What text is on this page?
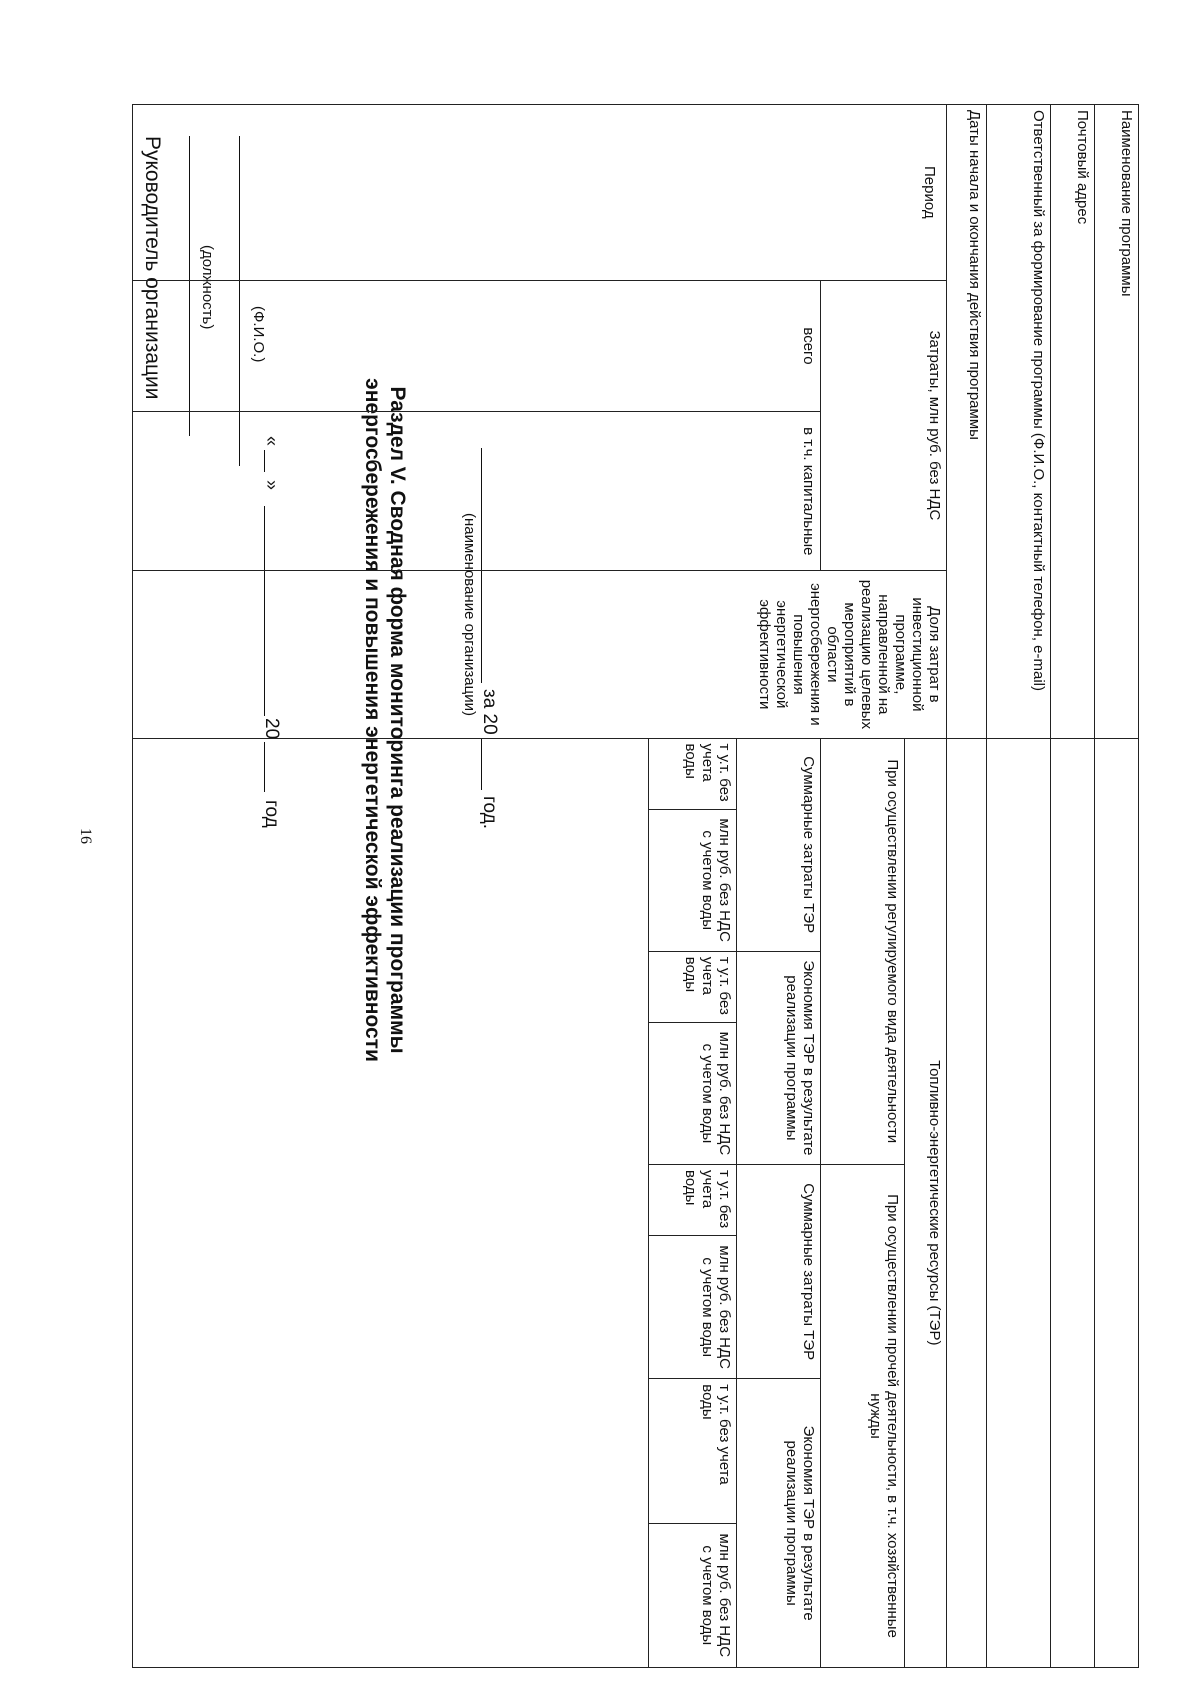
16
Руководитель организации (должность)
(Ф.И.О.)
«
»
20
год	Раздел V. Сводная форма мониторинга реализации программы
энергосбережения и повышения энергетической эффективности	за 20
год.
(наименование организации)
Наименование программы											
Почтовый адрес											
Ответственный за формирование программы (Ф.И.О., контактный телефон, e-mail)											
Даты начала и окончания действия программы											
Период	Затраты, млн руб. без НДС		Доля затрат в инвестиционной программе, направленной на реализацию целевых мероприятий в области энергосбережения и повышения энергетической эффективности	Топливно-энергетические ресурсы (ТЭР)							
				При осуществлении регулируемого вида деятельности				При осуществлении прочей деятельности, в т.ч. хозяйственные нужды			
	всего	в т.ч. капитальные		Суммарные затраты ТЭР		Экономия ТЭР в результате реализации программы		Суммарные затраты ТЭР		Экономия ТЭР в результате реализации программы	
				т у.т. без учета воды	млн руб. без НДС с учетом воды	т у.т. без учета воды	млн руб. без НДС с учетом воды	т у.т. без учета воды	млн руб. без НДС с учетом воды	т у.т. без учета воды	млн руб. без НДС с учетом воды
